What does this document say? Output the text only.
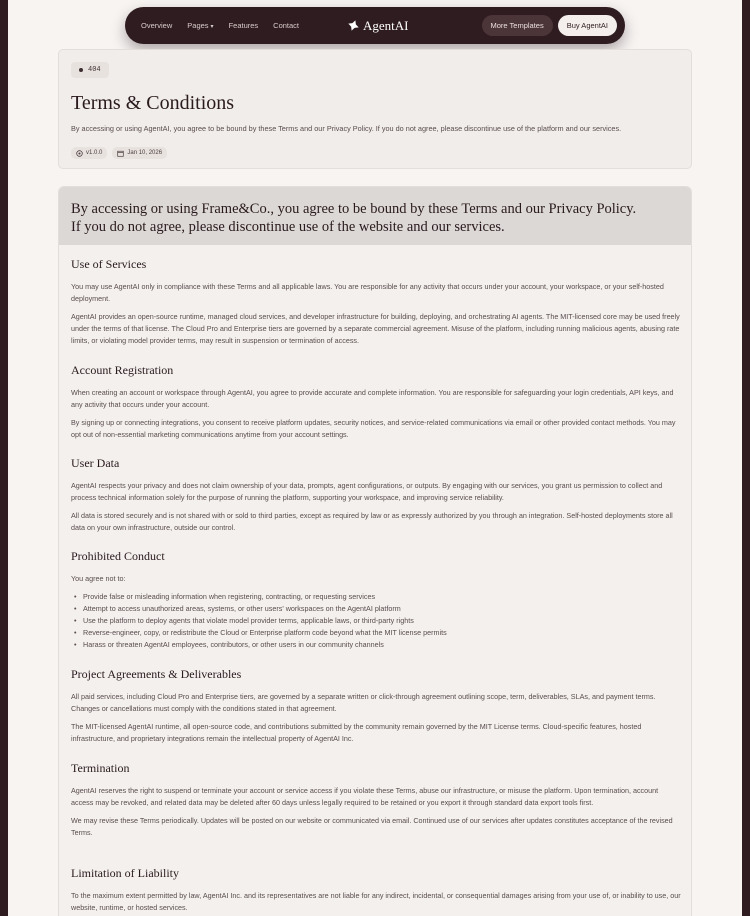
Overview Pages ▾ Features Contact	AgentAI	More Templates	Buy AgentAI
404
Terms & Conditions
By accessing or using AgentAI, you agree to be bound by these Terms and our Privacy Policy. If you do not agree, please discontinue use of the platform and our services.
v1.0.0	Jan 10, 2026
By accessing or using Frame&Co., you agree to be bound by these Terms and our Privacy Policy.
If you do not agree, please discontinue use of the website and our services.
Use of Services

You may use AgentAI only in compliance with these Terms and all applicable laws. You are responsible for any activity that occurs under your account, your workspace, or your self-hosted deployment.

AgentAI provides an open-source runtime, managed cloud services, and developer infrastructure for building, deploying, and orchestrating AI agents. The MIT-licensed core may be used freely under the terms of that license. The Cloud Pro and Enterprise tiers are governed by a separate commercial agreement. Misuse of the platform, including running malicious agents, abusing rate limits, or violating model provider terms, may result in suspension or termination of access.

Account Registration

When creating an account or workspace through AgentAI, you agree to provide accurate and complete information. You are responsible for safeguarding your login credentials, API keys, and any activity that occurs under your account.

By signing up or connecting integrations, you consent to receive platform updates, security notices, and service-related communications via email or other provided contact methods. You may opt out of non-essential marketing communications anytime from your account settings.

User Data

AgentAI respects your privacy and does not claim ownership of your data, prompts, agent configurations, or outputs. By engaging with our services, you grant us permission to collect and process technical information solely for the purpose of running the platform, supporting your workspace, and improving service reliability.

All data is stored securely and is not shared with or sold to third parties, except as required by law or as expressly authorized by you through an integration. Self-hosted deployments store all data on your own infrastructure, outside our control.

Prohibited Conduct

You agree not to:

• Provide false or misleading information when registering, contracting, or requesting services
• Attempt to access unauthorized areas, systems, or other users' workspaces on the AgentAI platform
• Use the platform to deploy agents that violate model provider terms, applicable laws, or third-party rights
• Reverse-engineer, copy, or redistribute the Cloud or Enterprise platform code beyond what the MIT license permits
• Harass or threaten AgentAI employees, contributors, or other users in our community channels
Project Agreements & Deliverables

All paid services, including Cloud Pro and Enterprise tiers, are governed by a separate written or click-through agreement outlining scope, term, deliverables, SLAs, and payment terms. Changes or cancellations must comply with the conditions stated in that agreement.

The MIT-licensed AgentAI runtime, all open-source code, and contributions submitted by the community remain governed by the MIT License terms. Cloud-specific features, hosted infrastructure, and proprietary integrations remain the intellectual property of AgentAI Inc.

Termination

AgentAI reserves the right to suspend or terminate your account or service access if you violate these Terms, abuse our infrastructure, or misuse the platform. Upon termination, account access may be revoked, and related data may be deleted after 60 days unless legally required to be retained or you export it through standard data export tools first.

We may revise these Terms periodically. Updates will be posted on our website or communicated via email. Continued use of our services after updates constitutes acceptance of the revised Terms.

Limitation of Liability

To the maximum extent permitted by law, AgentAI Inc. and its representatives are not liable for any indirect, incidental, or consequential damages arising from your use of, or inability to use, our website, runtime, or hosted services.
